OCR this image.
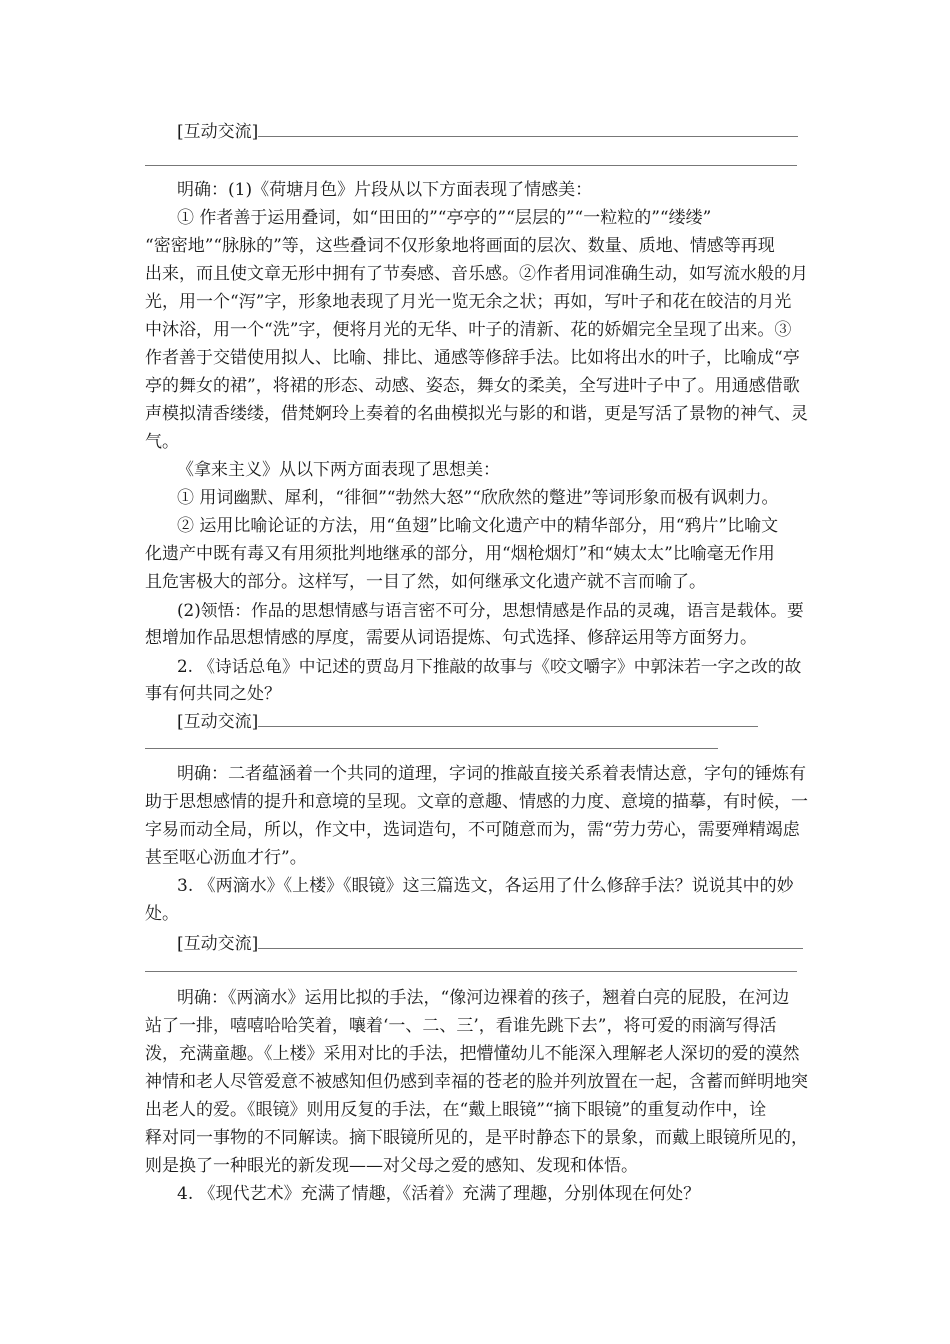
[互动交流]
明确：(1)《荷塘月色》片段从以下方面表现了情感美：
① 作者善于运用叠词，如“田田的”“亭亭的”“层层的”“一粒粒的”“缕缕”
“密密地”“脉脉的”等，这些叠词不仅形象地将画面的层次、数量、质地、情感等再现
出来，而且使文章无形中拥有了节奏感、音乐感。②作者用词准确生动，如写流水般的月
光，用一个“泻”字，形象地表现了月光一览无余之状；再如，写叶子和花在皎洁的月光
中沐浴，用一个“洗”字，便将月光的无华、叶子的清新、花的娇媚完全呈现了出来。③
作者善于交错使用拟人、比喻、排比、通感等修辞手法。比如将出水的叶子，比喻成“亭
亭的舞女的裙”，将裙的形态、动感、姿态，舞女的柔美，全写进叶子中了。用通感借歌
声模拟清香缕缕，借梵婀玲上奏着的名曲模拟光与影的和谐，更是写活了景物的神气、灵
气。
《拿来主义》从以下两方面表现了思想美：
① 用词幽默、犀利，“徘徊”“勃然大怒”“欣欣然的蹩进”等词形象而极有讽刺力。
② 运用比喻论证的方法，用“鱼翅”比喻文化遗产中的精华部分，用“鸦片”比喻文
化遗产中既有毒又有用须批判地继承的部分，用“烟枪烟灯”和“姨太太”比喻毫无作用
且危害极大的部分。这样写，一目了然，如何继承文化遗产就不言而喻了。
(2)领悟：作品的思想情感与语言密不可分，思想情感是作品的灵魂，语言是载体。要
想增加作品思想情感的厚度，需要从词语提炼、句式选择、修辞运用等方面努力。
2. 《诗话总龟》中记述的贾岛月下推敲的故事与《咬文嚼字》中郭沫若一字之改的故
事有何共同之处？
[互动交流]
明确：二者蕴涵着一个共同的道理，字词的推敲直接关系着表情达意，字句的锤炼有
助于思想感情的提升和意境的呈现。文章的意趣、情感的力度、意境的描摹，有时候，一
字易而动全局，所以，作文中，选词造句，不可随意而为，需“劳力劳心，需要殚精竭虑
甚至呕心沥血才行”。
3. 《两滴水》《上楼》《眼镜》这三篇选文，各运用了什么修辞手法？说说其中的妙
处。
[互动交流]
明确：《两滴水》运用比拟的手法，“像河边裸着的孩子，翘着白亮的屁股，在河边
站了一排，嘻嘻哈哈笑着，嚷着‘一、二、三’，看谁先跳下去”，将可爱的雨滴写得活
泼，充满童趣。《上楼》采用对比的手法，把懵懂幼儿不能深入理解老人深切的爱的漠然
神情和老人尽管爱意不被感知但仍感到幸福的苍老的脸并列放置在一起，含蓄而鲜明地突
出老人的爱。《眼镜》则用反复的手法，在“戴上眼镜”“摘下眼镜”的重复动作中，诠
释对同一事物的不同解读。摘下眼镜所见的，是平时静态下的景象，而戴上眼镜所见的，
则是换了一种眼光的新发现——对父母之爱的感知、发现和体悟。
4. 《现代艺术》充满了情趣，《活着》充满了理趣，分别体现在何处？
